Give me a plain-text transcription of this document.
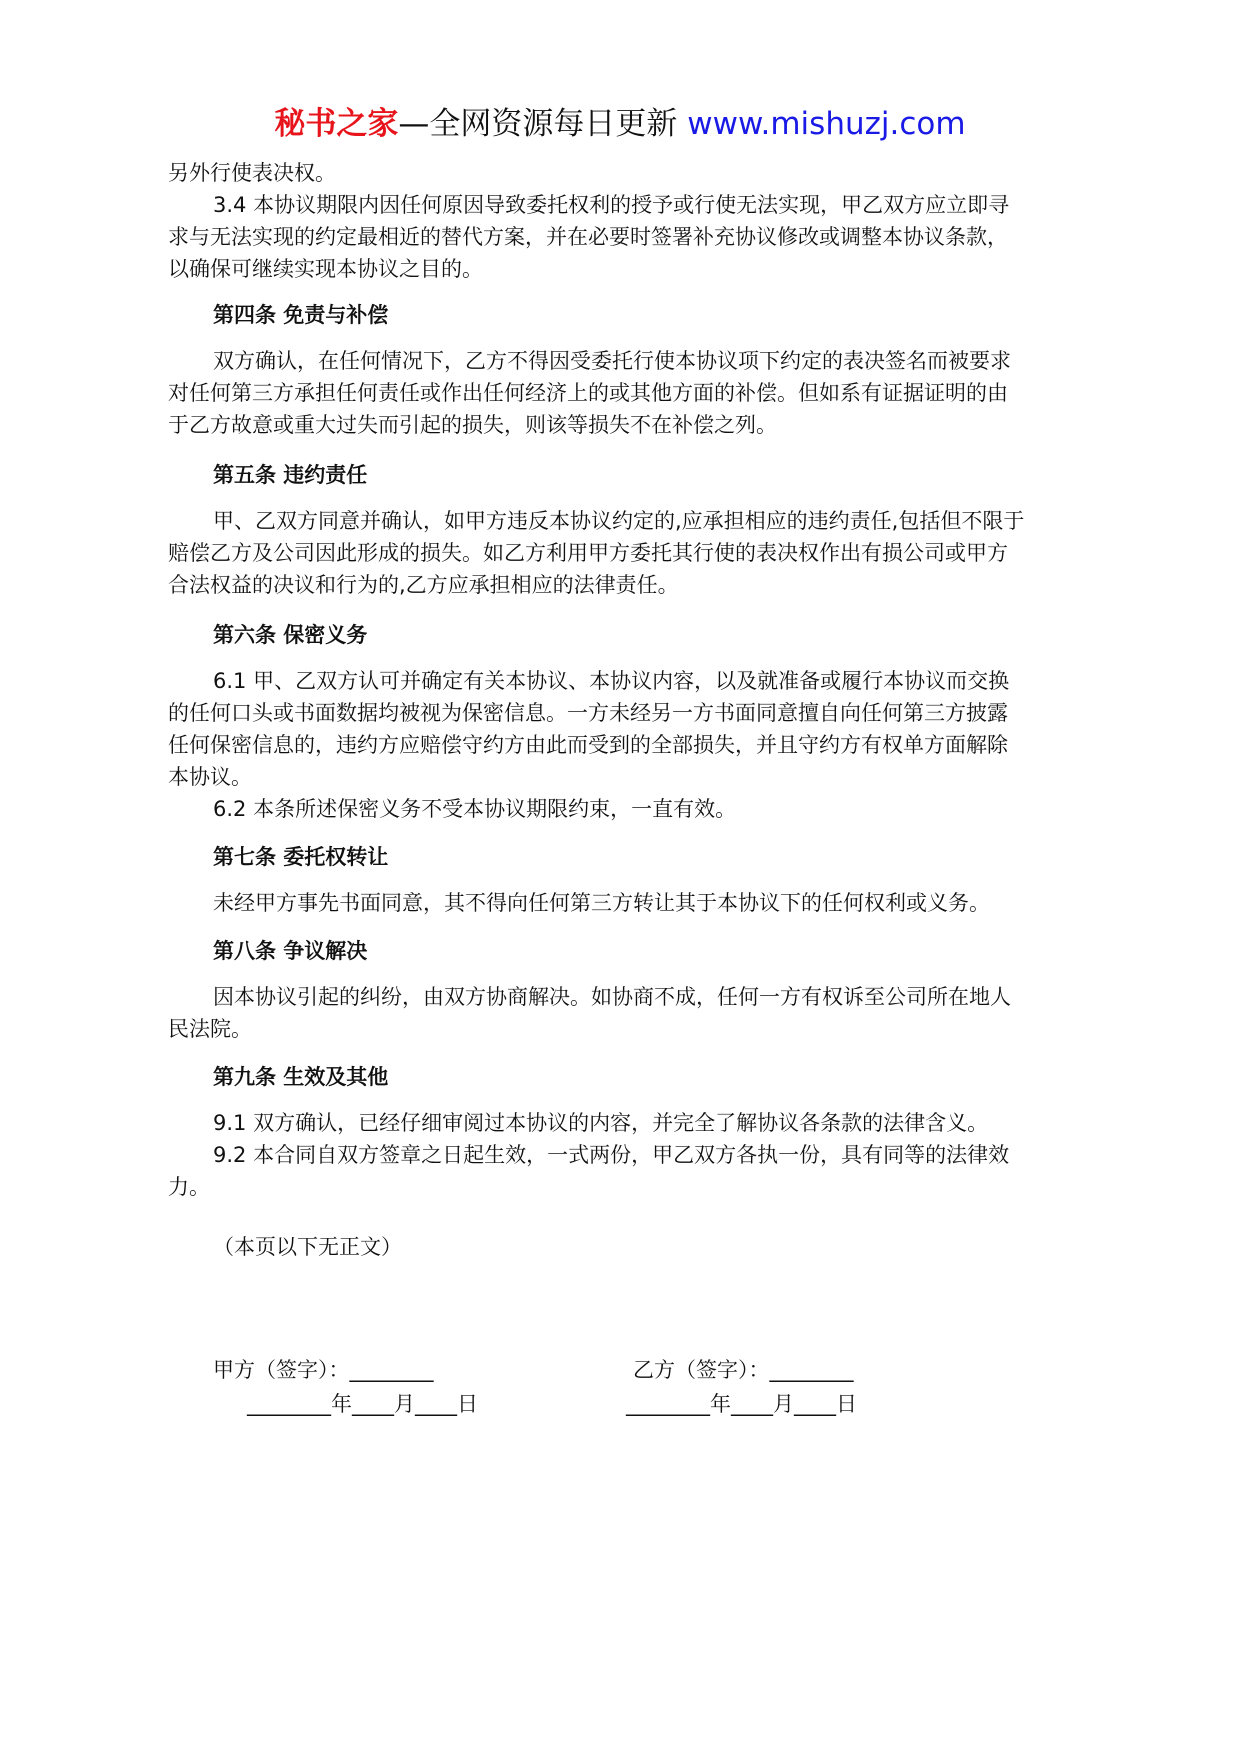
秘书之家—全网资源每日更新 www.mishuzj.com
另外行使表决权。
3.4 本协议期限内因任何原因导致委托权利的授予或行使无法实现，甲乙双方应立即寻
求与无法实现的约定最相近的替代方案，并在必要时签署补充协议修改或调整本协议条款，
以确保可继续实现本协议之目的。
第四条 免责与补偿
双方确认，在任何情况下，乙方不得因受委托行使本协议项下约定的表决签名而被要求
对任何第三方承担任何责任或作出任何经济上的或其他方面的补偿。但如系有证据证明的由
于乙方故意或重大过失而引起的损失，则该等损失不在补偿之列。
第五条 违约责任
甲、乙双方同意并确认，如甲方违反本协议约定的,应承担相应的违约责任,包括但不限于
赔偿乙方及公司因此形成的损失。如乙方利用甲方委托其行使的表决权作出有损公司或甲方
合法权益的决议和行为的,乙方应承担相应的法律责任。
第六条 保密义务
6.1 甲、乙双方认可并确定有关本协议、本协议内容，以及就准备或履行本协议而交换
的任何口头或书面数据均被视为保密信息。一方未经另一方书面同意擅自向任何第三方披露
任何保密信息的，违约方应赔偿守约方由此而受到的全部损失，并且守约方有权单方面解除
本协议。
6.2 本条所述保密义务不受本协议期限约束，一直有效。
第七条 委托权转让
未经甲方事先书面同意，其不得向任何第三方转让其于本协议下的任何权利或义务。
第八条 争议解决
因本协议引起的纠纷，由双方协商解决。如协商不成，任何一方有权诉至公司所在地人
民法院。
第九条 生效及其他
9.1 双方确认，已经仔细审阅过本协议的内容，并完全了解协议各条款的法律含义。
9.2 本合同自双方签章之日起生效，一式两份，甲乙双方各执一份，具有同等的法律效
力。
（本页以下无正文）
甲方（签字）：________	乙方（签字）：________
________年____月____日	________年____月____日
